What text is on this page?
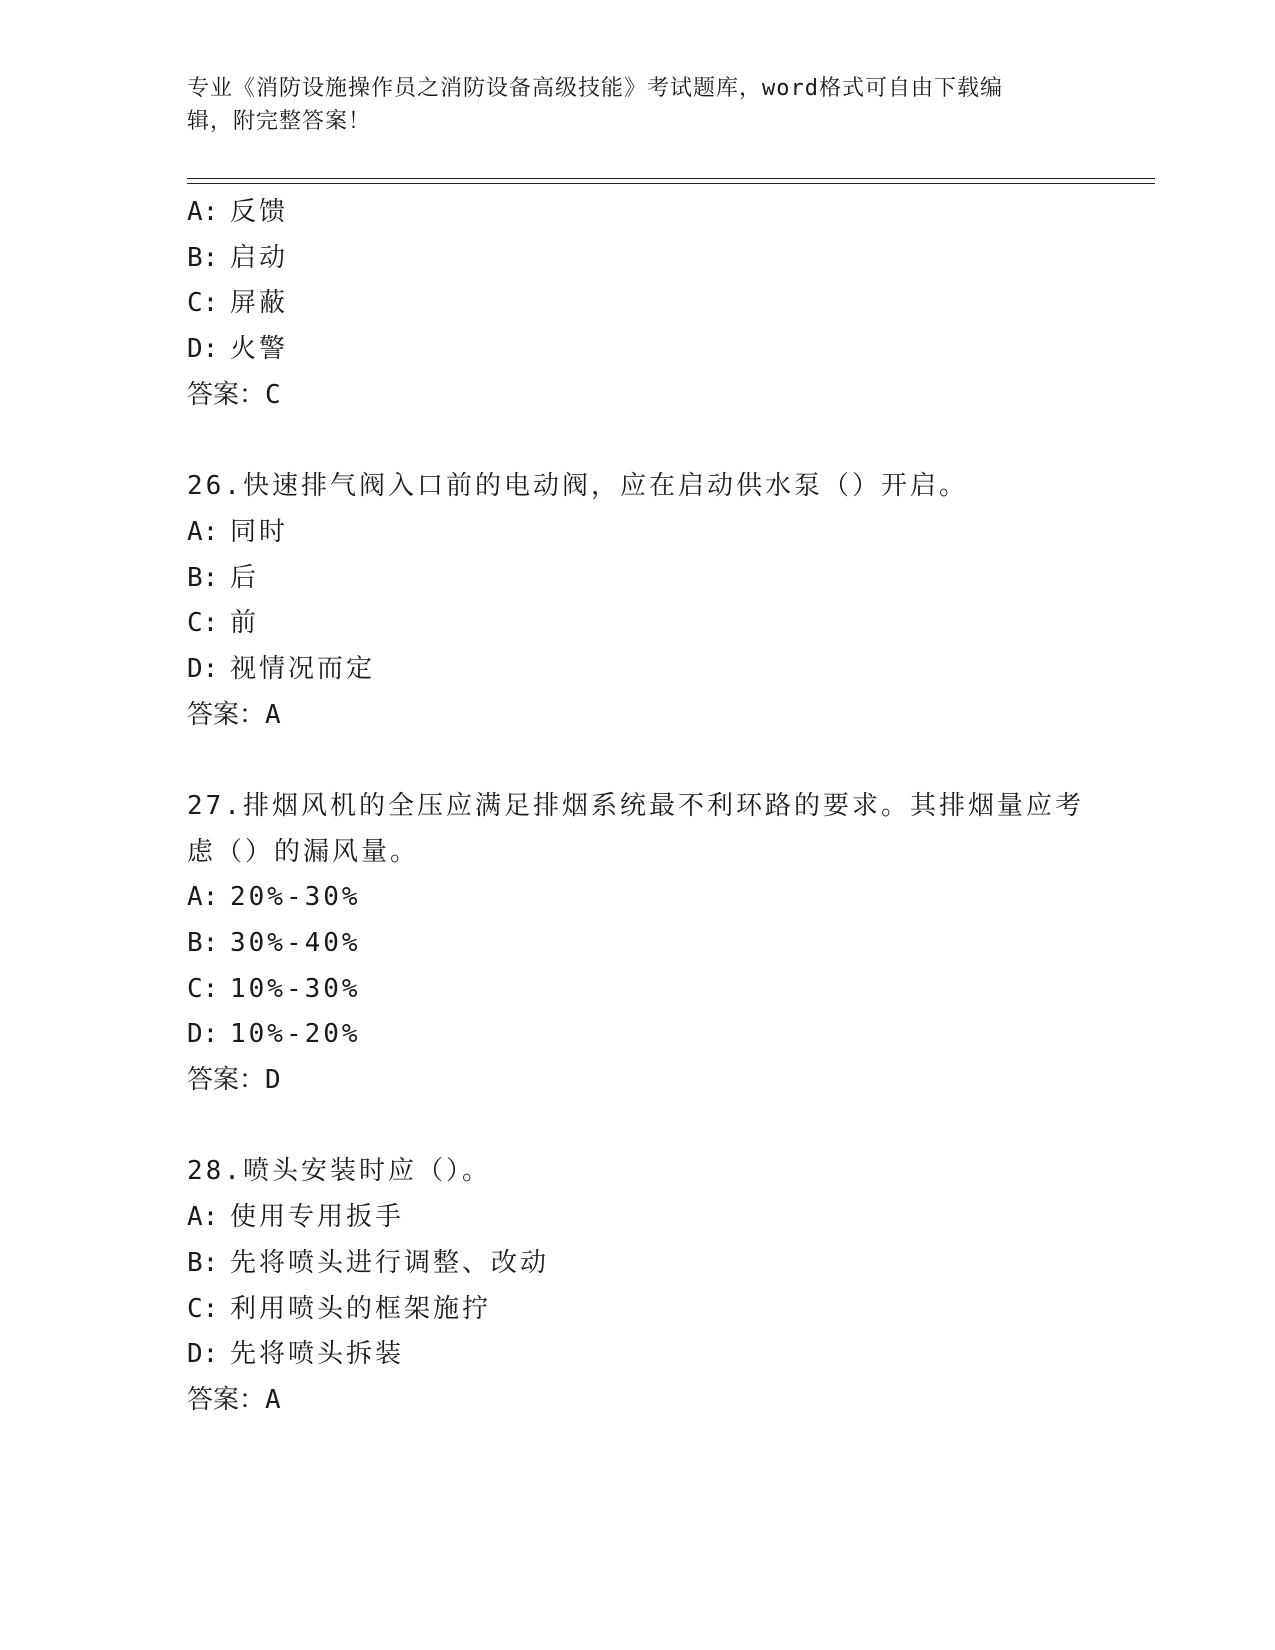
专业《消防设施操作员之消防设备高级技能》考试题库，word格式可自由下载编
辑，附完整答案！
A: 反馈
B: 启动
C: 屏蔽
D: 火警
答案：C
26.快速排气阀入口前的电动阀，应在启动供水泵（）开启。
A: 同时
B: 后
C: 前
D: 视情况而定
答案：A
27.排烟风机的全压应满足排烟系统最不利环路的要求。其排烟量应考
虑（）的漏风量。
A: 20%-30%
B: 30%-40%
C: 10%-30%
D: 10%-20%
答案：D
28.喷头安装时应（）。
A: 使用专用扳手
B: 先将喷头进行调整、改动
C: 利用喷头的框架施拧
D: 先将喷头拆装
答案：A
